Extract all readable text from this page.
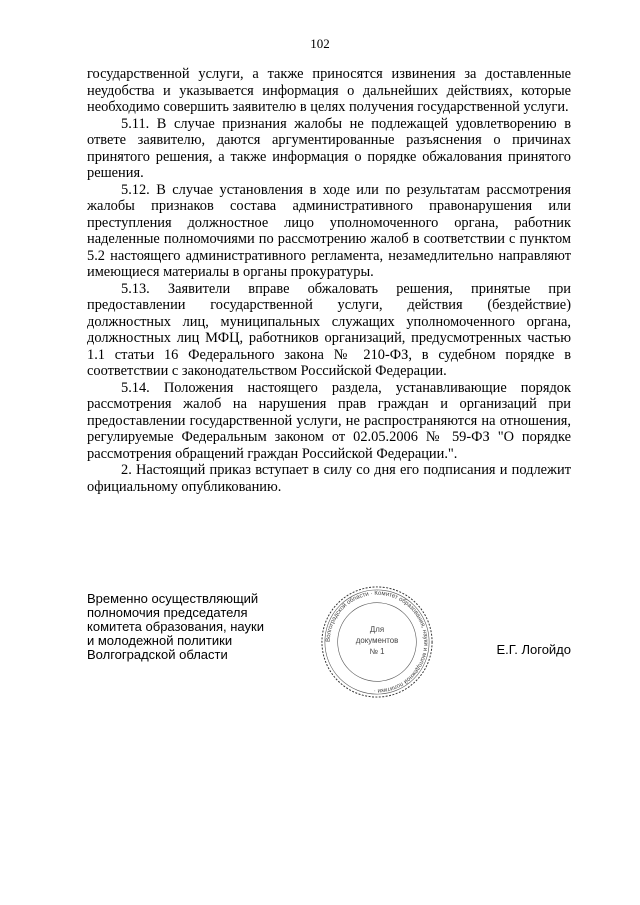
102

государственной услуги, а также приносятся извинения за доставленные неудобства и указывается информация о дальнейших действиях, которые необходимо совершить заявителю в целях получения государственной услуги.

5.11. В случае признания жалобы не подлежащей удовлетворению в ответе заявителю, даются аргументированные разъяснения о причинах принятого решения, а также информация о порядке обжалования принятого решения.

5.12. В случае установления в ходе или по результатам рассмотрения жалобы признаков состава административного правонарушения или преступления должностное лицо уполномоченного органа, работник наделенные полномочиями по рассмотрению жалоб в соответствии с пунктом 5.2 настоящего административного регламента, незамедлительно направляют имеющиеся материалы в органы прокуратуры.

5.13. Заявители вправе обжаловать решения, принятые при предоставлении государственной услуги, действия (бездействие) должностных лиц, муниципальных служащих уполномоченного органа, должностных лиц МФЦ, работников организаций, предусмотренных частью 1.1 статьи 16 Федерального закона № 210-ФЗ, в судебном порядке в соответствии с законодательством Российской Федерации.

5.14. Положения настоящего раздела, устанавливающие порядок рассмотрения жалоб на нарушения прав граждан и организаций при предоставлении государственной услуги, не распространяются на отношения, регулируемые Федеральным законом от 02.05.2006 № 59-ФЗ "О порядке рассмотрения обращений граждан Российской Федерации.".

2. Настоящий приказ вступает в силу со дня его подписания и подлежит официальному опубликованию.

Временно осуществляющий
полномочия председателя
комитета образования, науки
и молодежной политики
Волгоградской области	Е.Г. Логойдо
Волгоградской области · Комитет образования, науки и молодежной политики ·
Для
документов
№ 1
